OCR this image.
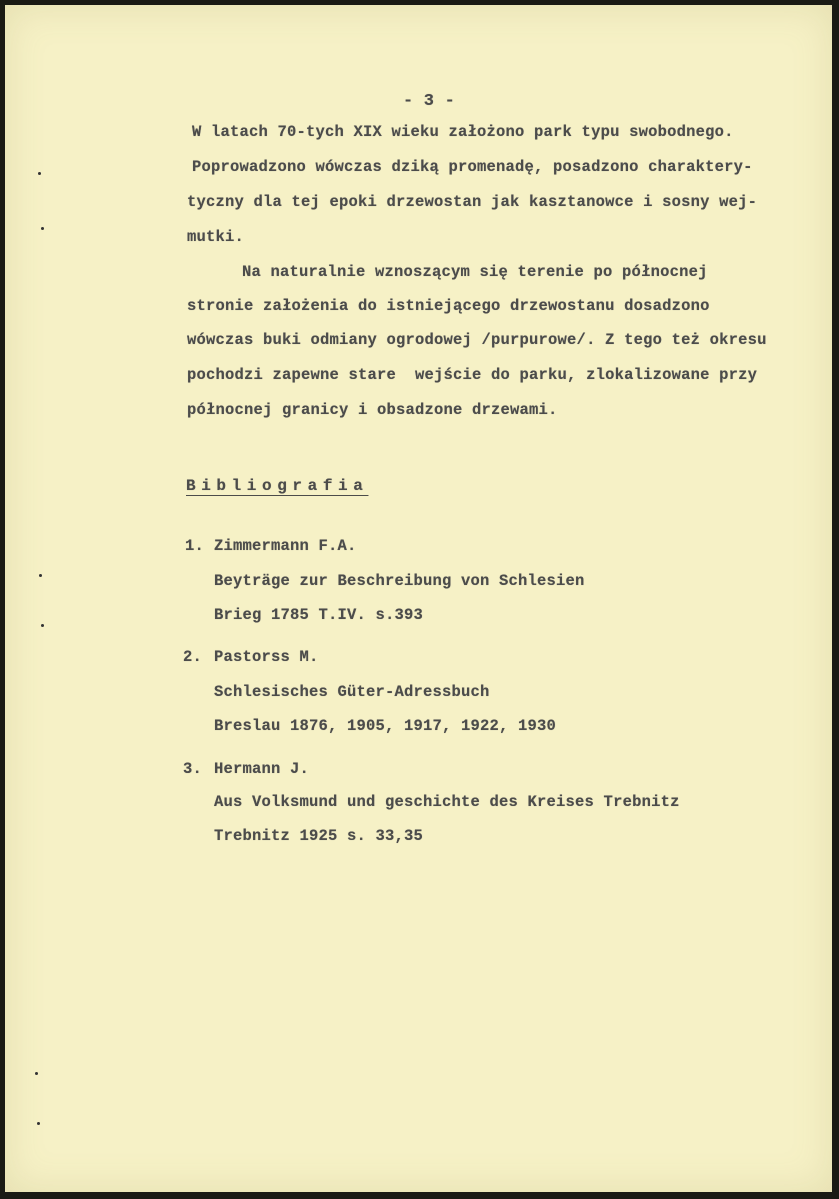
- 3 -

W latach 70-tych XIX wieku założono park typu swobodnego.

Poprowadzono wówczas dziką promenadę, posadzono charaktery-

tyczny dla tej epoki drzewostan jak kasztanowce i sosny wej-

mutki.

Na naturalnie wznoszącym się terenie po północnej

stronie założenia do istniejącego drzewostanu dosadzono

wówczas buki odmiany ogrodowej /purpurowe/. Z tego też okresu

pochodzi zapewne stare  wejście do parku, zlokalizowane przy

północnej granicy i obsadzone drzewami.

Bibliografia

1. Zimmermann F.A.

Beyträge zur Beschreibung von Schlesien

Brieg 1785 T.IV. s.393

2. Pastorss M.

Schlesisches Güter-Adressbuch

Breslau 1876, 1905, 1917, 1922, 1930

3. Hermann J.

Aus Volksmund und geschichte des Kreises Trebnitz

Trebnitz 1925 s. 33,35
